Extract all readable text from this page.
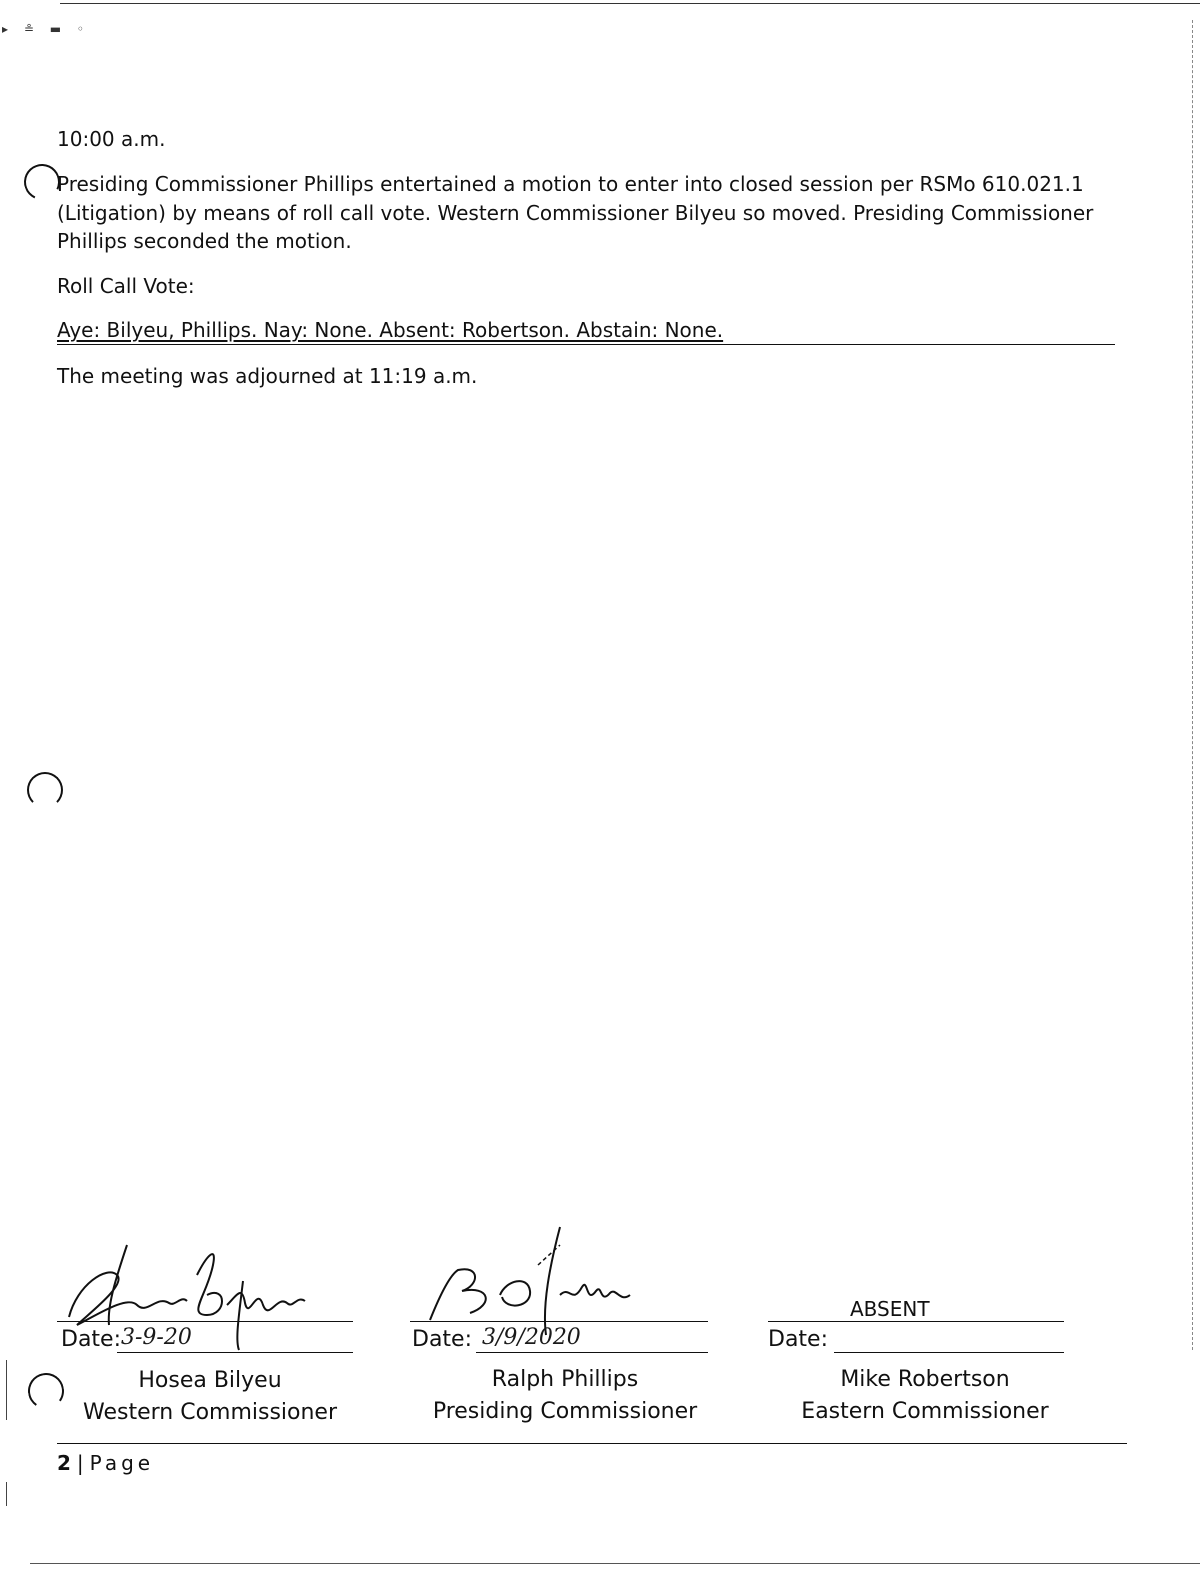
▸ ≗ ▬ ◦
10:00 a.m.
Presiding Commissioner Phillips entertained a motion to enter into closed session per RSMo 610.021.1 (Litigation) by means of roll call vote. Western Commissioner Bilyeu so moved. Presiding Commissioner Phillips seconded the motion.
Roll Call Vote:
Aye: Bilyeu, Phillips. Nay: None. Absent: Robertson. Abstain: None.
The meeting was adjourned at 11:19 a.m.
Date: 3-9-20
Hosea Bilyeu
Western Commissioner
Date: 3/9/2020
Ralph Phillips
Presiding Commissioner
ABSENT
Date:
Mike Robertson
Eastern Commissioner
2 | Page
